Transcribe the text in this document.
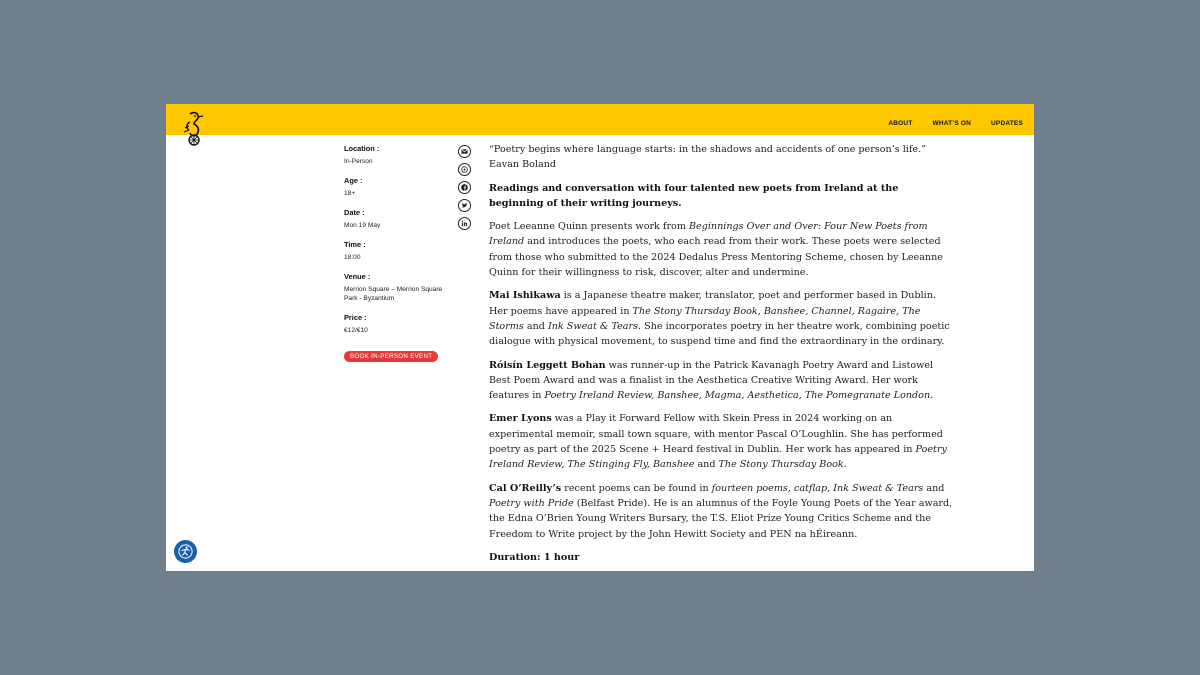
ABOUT	WHAT’S ON	UPDATES
Location :
In-Person
Age :
18+
Date :
Mon 19 May
Time :
18:00
Venue :
Merrion Square – Merrion Square Park - Byzantium
Price :
€12/€10
BOOK IN-PERSON EVENT

“Poetry begins where language starts: in the shadows and accidents of one person’s life.” Eavan Boland

Readings and conversation with four talented new poets from Ireland at the beginning of their writing journeys.

Poet Leeanne Quinn presents work from Beginnings Over and Over: Four New Poets from Ireland and introduces the poets, who each read from their work. These poets were selected from those who submitted to the 2024 Dedalus Press Mentoring Scheme, chosen by Leeanne Quinn for their willingness to risk, discover, alter and undermine.

Mai Ishikawa is a Japanese theatre maker, translator, poet and performer based in Dublin. Her poems have appeared in The Stony Thursday Book, Banshee, Channel, Ragaire, The Storms and Ink Sweat & Tears. She incorporates poetry in her theatre work, combining poetic dialogue with physical movement, to suspend time and find the extraordinary in the ordinary.

Róisín Leggett Bohan was runner-up in the Patrick Kavanagh Poetry Award and Listowel Best Poem Award and was a finalist in the Aesthetica Creative Writing Award. Her work features in Poetry Ireland Review, Banshee, Magma, Aesthetica, The Pomegranate London.

Emer Lyons was a Play it Forward Fellow with Skein Press in 2024 working on an experimental memoir, small town square, with mentor Pascal O’Loughlin. She has performed poetry as part of the 2025 Scene + Heard festival in Dublin. Her work has appeared in Poetry Ireland Review, The Stinging Fly, Banshee and The Stony Thursday Book.

Cal O’Reilly’s recent poems can be found in fourteen poems, catflap, Ink Sweat & Tears and Poetry with Pride (Belfast Pride). He is an alumnus of the Foyle Young Poets of the Year award, the Edna O’Brien Young Writers Bursary, the T.S. Eliot Prize Young Critics Scheme and the Freedom to Write project by the John Hewitt Society and PEN na hÉireann.

Duration: 1 hour
